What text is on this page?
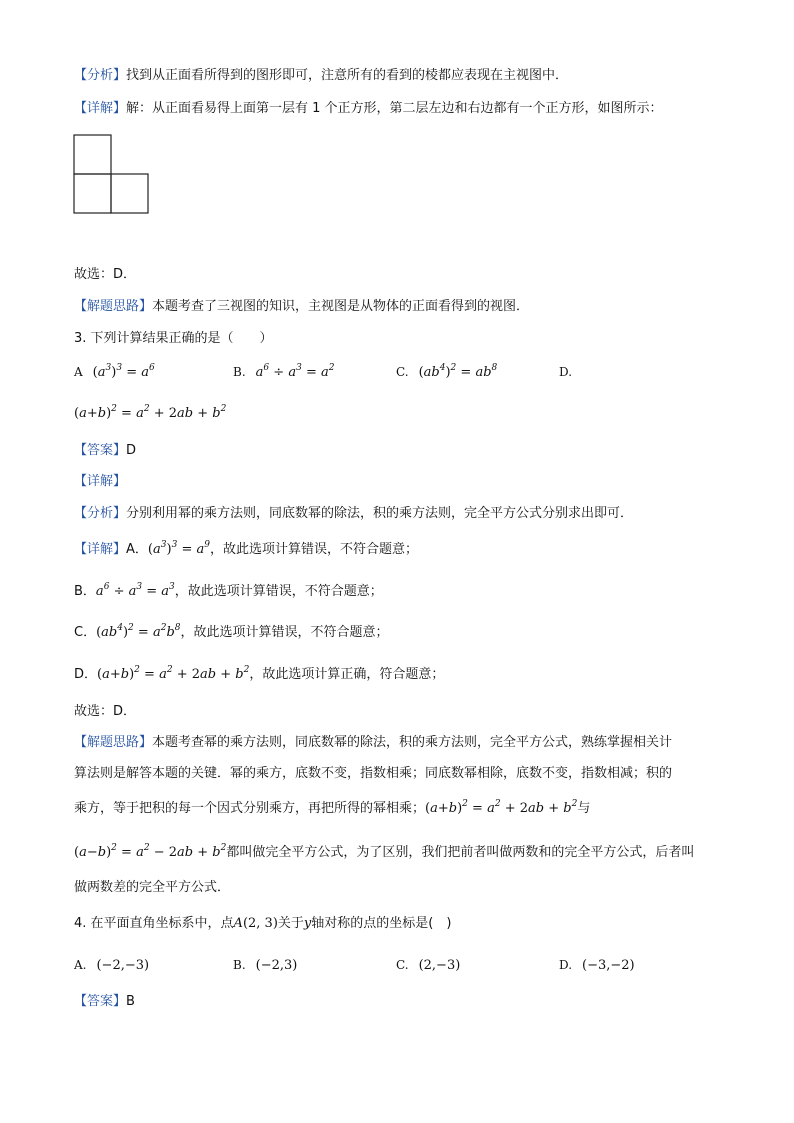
【分析】找到从正面看所得到的图形即可，注意所有的看到的棱都应表现在主视图中．
【详解】解：从正面看易得上面第一层有 1 个正方形，第二层左边和右边都有一个正方形，如图所示：
故选：D．
【解题思路】本题考查了三视图的知识，主视图是从物体的正面看得到的视图．
3. 下列计算结果正确的是（　　）
A $(a^3)^3 = a^6$	B. $a^6 \div a^3 = a^2$	C. $(ab^4)^2 = ab^8$	D.
$(a+b)^2 = a^2 + 2ab + b^2$
【答案】D
【详解】
【分析】分别利用幂的乘方法则，同底数幂的除法，积的乘方法则，完全平方公式分别求出即可．
【详解】A．$(a^3)^3 = a^9$，故此选项计算错误，不符合题意；
B．$a^6 \div a^3 = a^3$，故此选项计算错误，不符合题意；
C．$(ab^4)^2 = a^2b^8$，故此选项计算错误，不符合题意；
D．$(a+b)^2 = a^2 + 2ab + b^2$，故此选项计算正确，符合题意；
故选：D．
【解题思路】本题考查幂的乘方法则，同底数幂的除法，积的乘方法则，完全平方公式，熟练掌握相关计
算法则是解答本题的关键．幂的乘方，底数不变，指数相乘；同底数幂相除，底数不变，指数相减；积的
乘方，等于把积的每一个因式分别乘方，再把所得的幂相乘；$(a+b)^2 = a^2 + 2ab + b^2$与
$(a-b)^2 = a^2 - 2ab + b^2$都叫做完全平方公式，为了区别，我们把前者叫做两数和的完全平方公式，后者叫
做两数差的完全平方公式．
4. 在平面直角坐标系中，点A(2, 3)关于y轴对称的点的坐标是(　)
A. (−2,−3)	B. (−2,3)	C. (2,−3)	D. (−3,−2)
【答案】B
